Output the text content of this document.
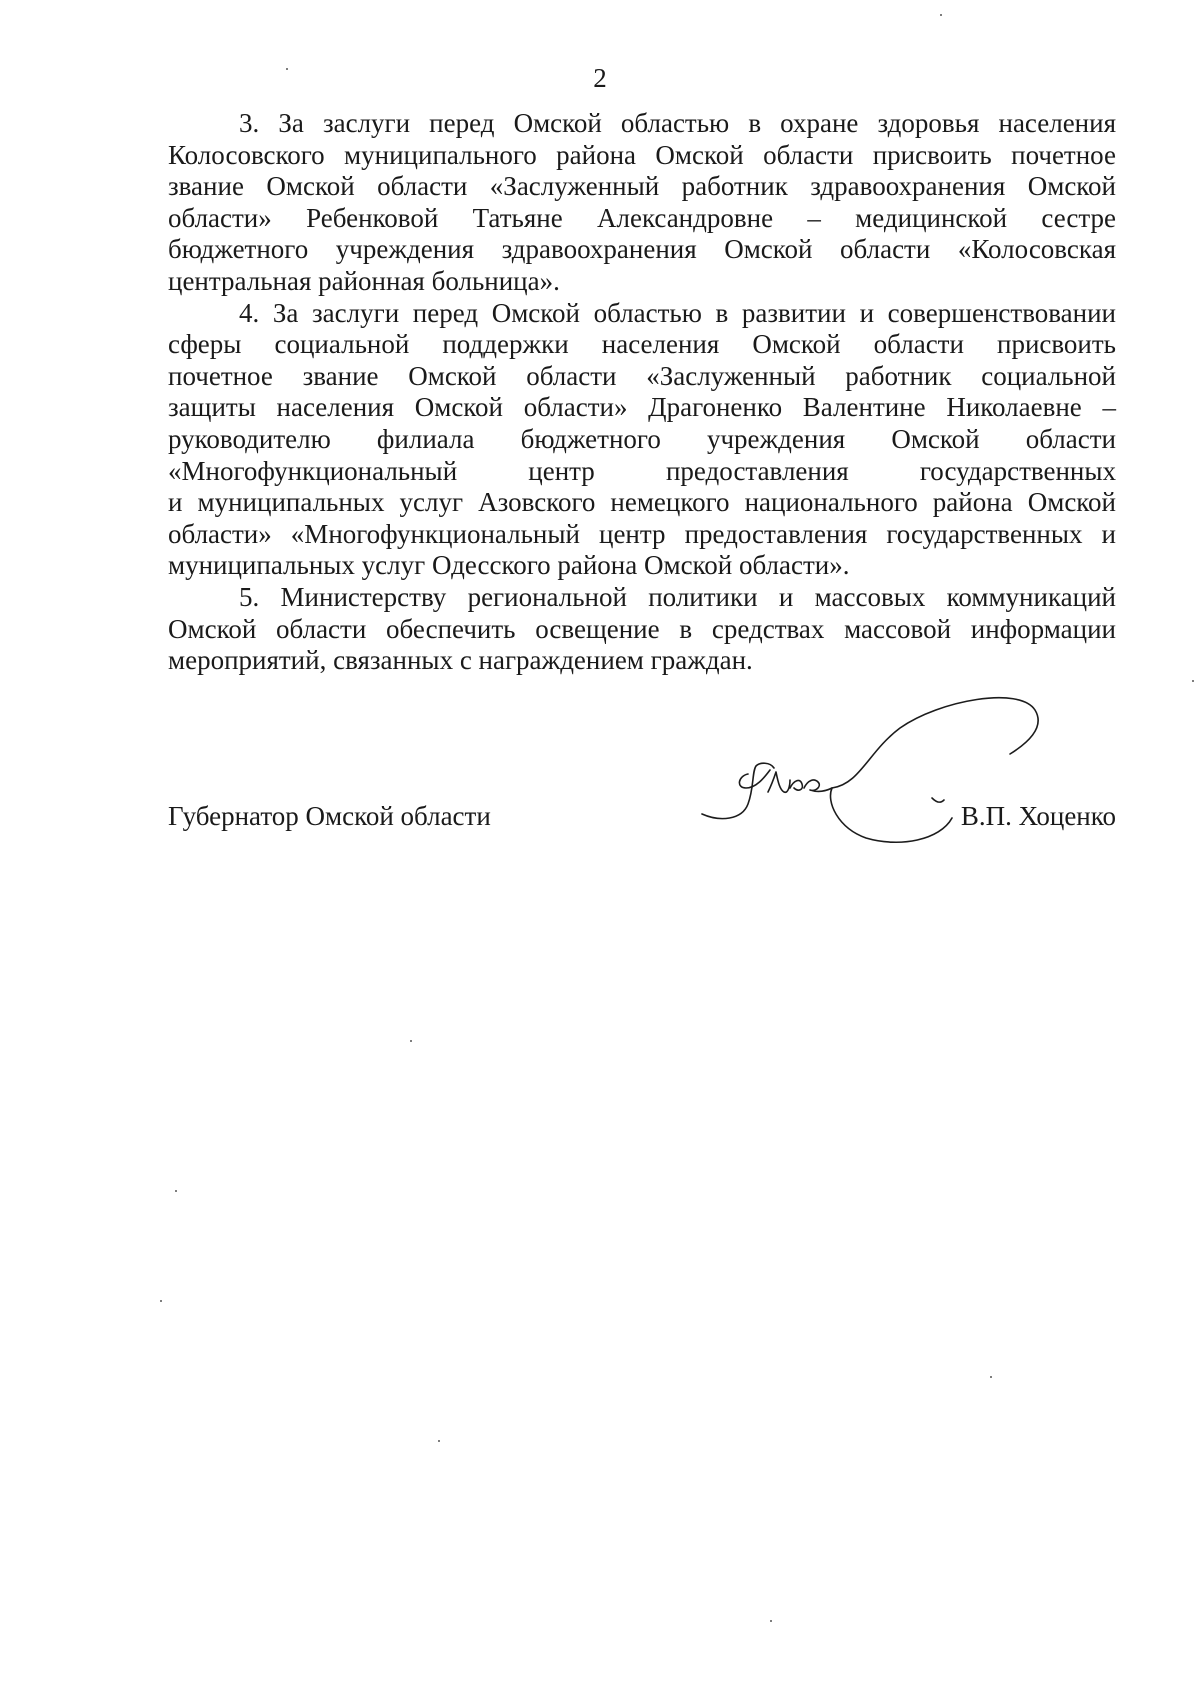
2
3. За заслуги перед Омской областью в охране здоровья населения
Колосовского муниципального района Омской области присвоить почетное
звание Омской области «Заслуженный работник здравоохранения Омской
области» Ребенковой Татьяне Александровне – медицинской сестре
бюджетного учреждения здравоохранения Омской области «Колосовская
центральная районная больница».
4. За заслуги перед Омской областью в развитии и совершенствовании
сферы социальной поддержки населения Омской области присвоить
почетное звание Омской области «Заслуженный работник социальной
защиты населения Омской области» Драгоненко Валентине Николаевне –
руководителю филиала бюджетного учреждения Омской области
«Многофункциональный центр предоставления государственных
и муниципальных услуг Азовского немецкого национального района Омской
области» «Многофункциональный центр предоставления государственных и
муниципальных услуг Одесского района Омской области».
5. Министерству региональной политики и массовых коммуникаций
Омской области обеспечить освещение в средствах массовой информации
мероприятий, связанных с награждением граждан.
Губернатор Омской области	В.П. Хоценко
